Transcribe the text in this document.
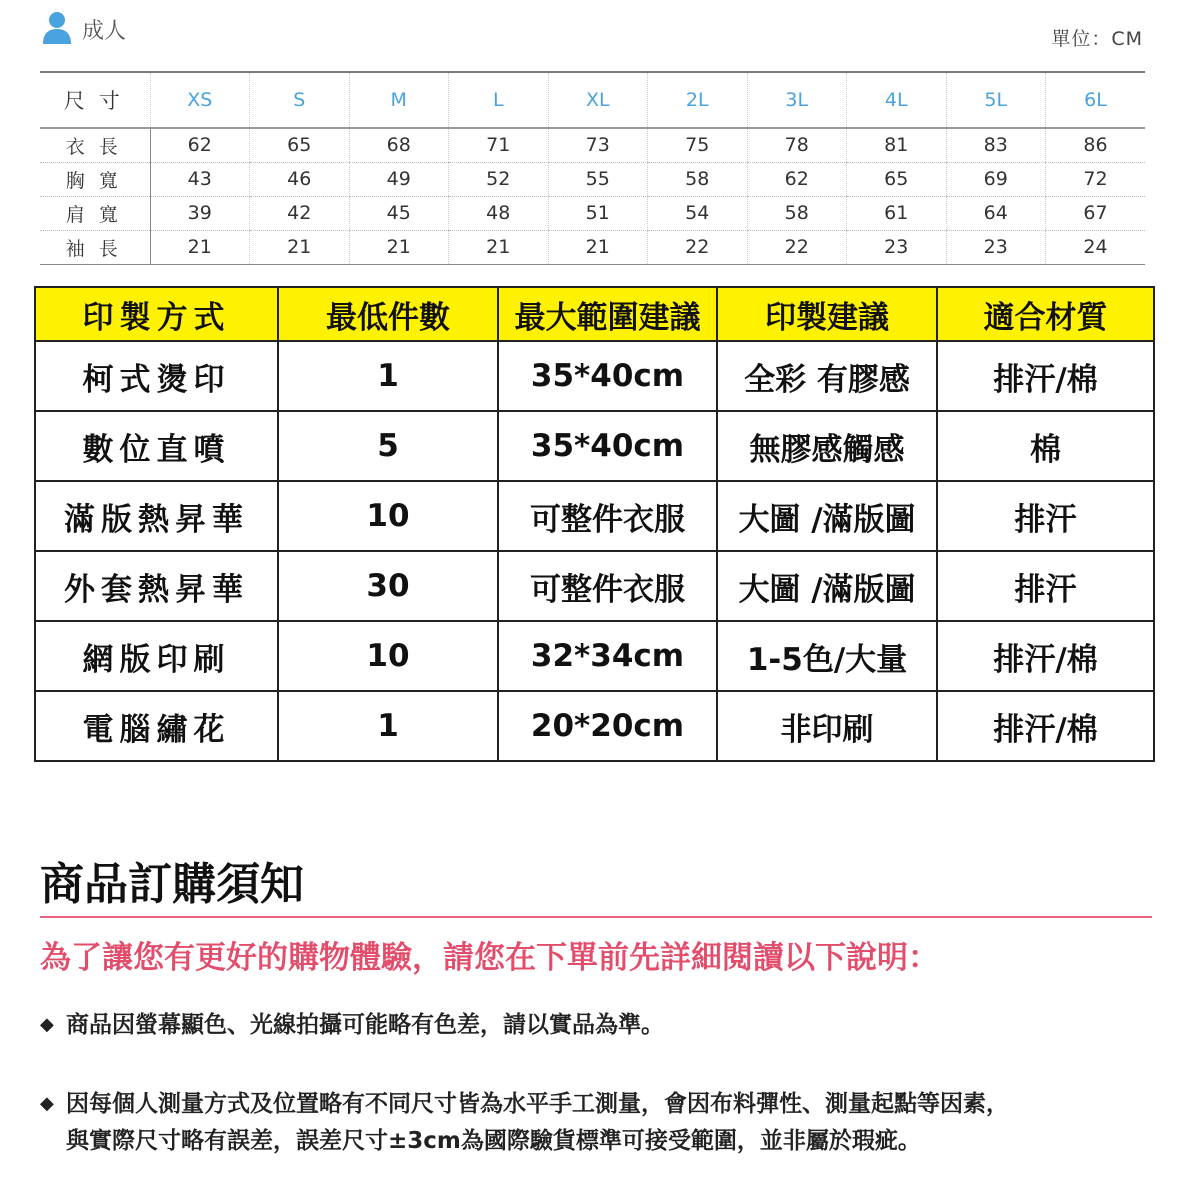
成人	單位：CM
尺寸	XS	S	M	L	XL	2L	3L	4L	5L	6L
衣長	62	65	68	71	73	75	78	81	83	86
胸寬	43	46	49	52	55	58	62	65	69	72
肩寬	39	42	45	48	51	54	58	61	64	67
袖長	21	21	21	21	21	22	22	23	23	24
印製方式	最低件數	最大範圍建議	印製建議	適合材質
柯式燙印	1	35*40cm	全彩 有膠感	排汗/棉
數位直噴	5	35*40cm	無膠感觸感	棉
滿版熱昇華	10	可整件衣服	大圖 /滿版圖	排汗
外套熱昇華	30	可整件衣服	大圖 /滿版圖	排汗
網版印刷	10	32*34cm	1-5色/大量	排汗/棉
電腦繡花	1	20*20cm	非印刷	排汗/棉
商品訂購須知
為了讓您有更好的購物體驗，請您在下單前先詳細閱讀以下說明：
◆ 商品因螢幕顯色、光線拍攝可能略有色差，請以實品為準。
◆ 因每個人測量方式及位置略有不同尺寸皆為水平手工測量，會因布料彈性、測量起點等因素，
與實際尺寸略有誤差，誤差尺寸±3cm為國際驗貨標準可接受範圍，並非屬於瑕疵。
